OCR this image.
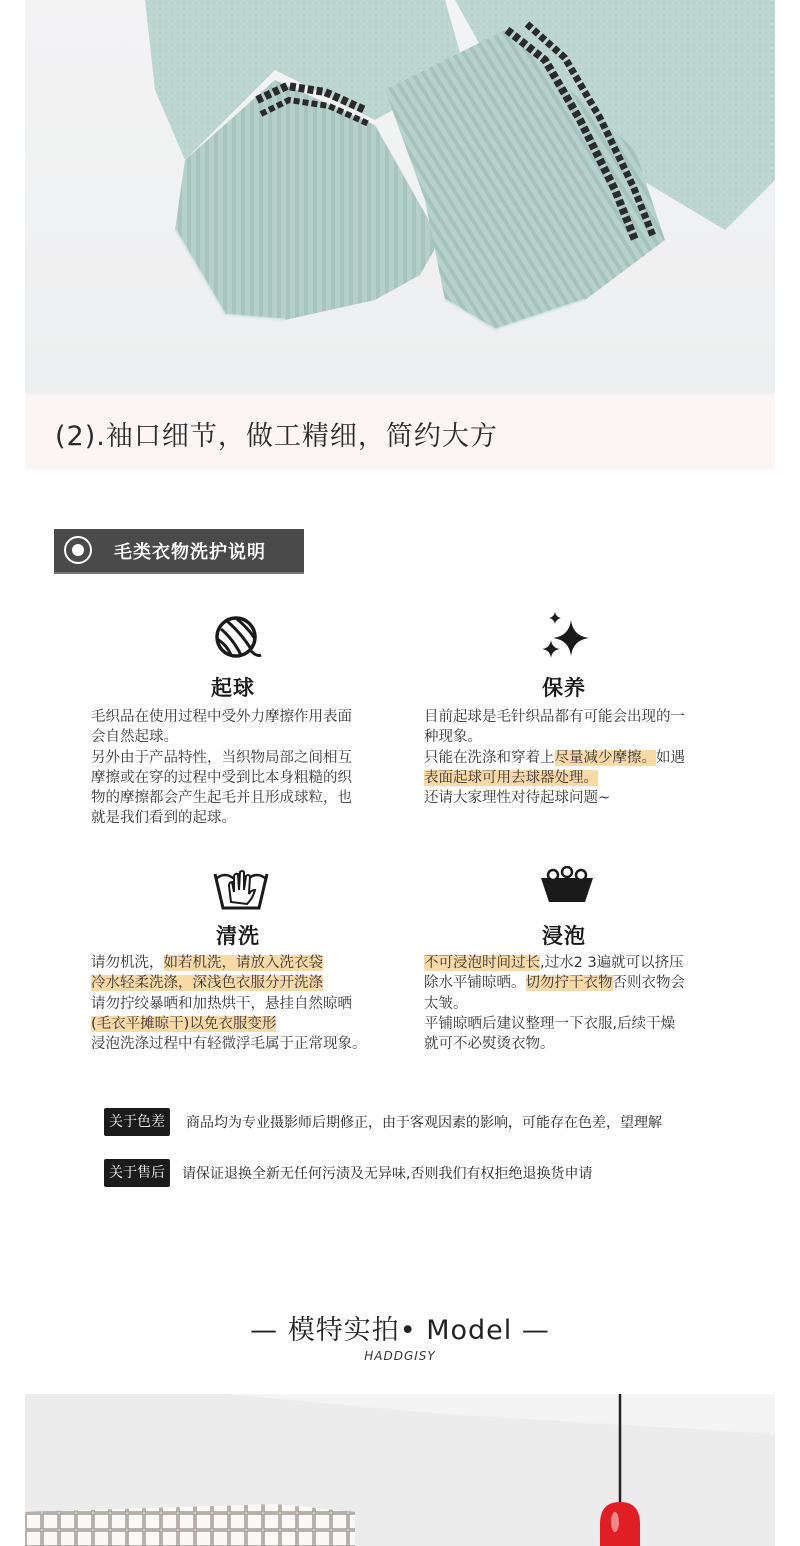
(2).袖口细节，做工精细，简约大方
毛类衣物洗护说明
起球

毛织品在使用过程中受外力摩擦作用表面

会自然起球。

另外由于产品特性，当织物局部之间相互

摩擦或在穿的过程中受到比本身粗糙的织

物的摩擦都会产生起毛并且形成球粒，也

就是我们看到的起球。

保养

目前起球是毛针织品都有可能会出现的一

种现象。

只能在洗涤和穿着上尽量减少摩擦。如遇

表面起球可用去球器处理。

还请大家理性对待起球问题~

清洗

请勿机洗，如若机洗，请放入洗衣袋

冷水轻柔洗涤，深浅色衣服分开洗涤

请勿拧绞暴晒和加热烘干，悬挂自然晾晒

(毛衣平摊晾干)以免衣服变形

浸泡洗涤过程中有轻微浮毛属于正常现象。

浸泡

不可浸泡时间过长,过水2 3遍就可以挤压

除水平铺晾晒。切勿拧干衣物否则衣物会

太皱。

平铺晾晒后建议整理一下衣服,后续干燥

就可不必熨烫衣物。

关于色差	商品均为专业摄影师后期修正，由于客观因素的影响，可能存在色差，望理解
关于售后	请保证退换全新无任何污渍及无异味,否则我们有权拒绝退换货申请
— 模特实拍• Model —
HADDGISY
